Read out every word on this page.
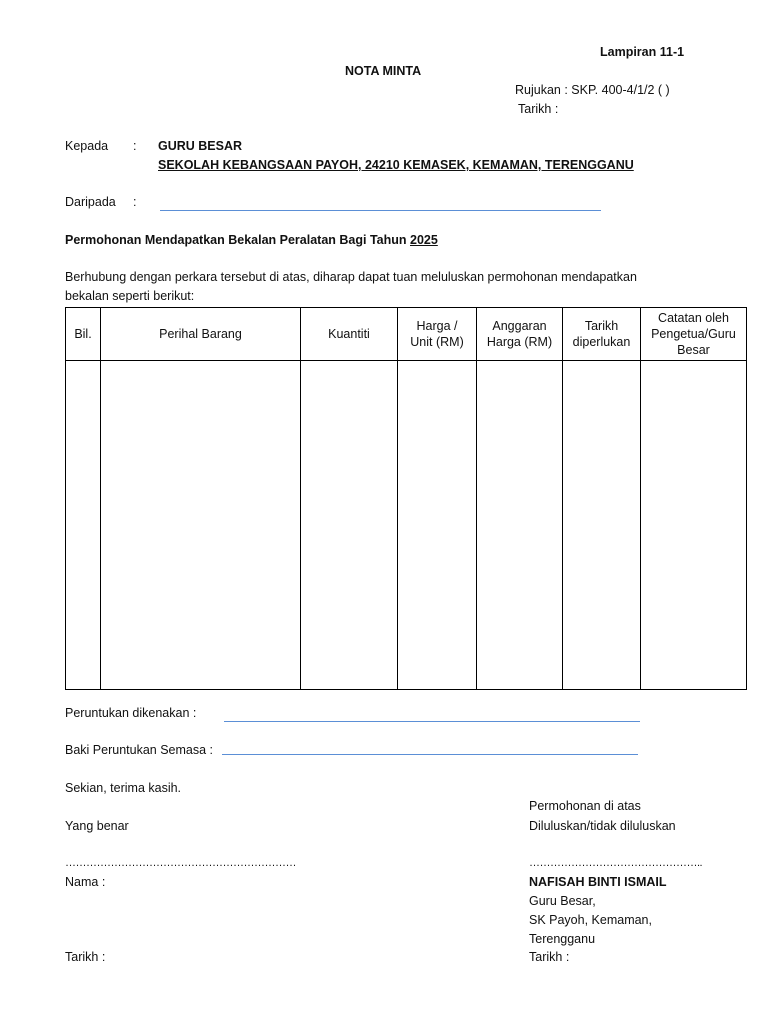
Lampiran 11-1
NOTA MINTA
Rujukan : SKP. 400-4/1/2 ( )
Tarikh :
Kepada : GURU BESAR
SEKOLAH KEBANGSAAN PAYOH, 24210 KEMASEK, KEMAMAN, TERENGGANU
Daripada :
Permohonan Mendapatkan Bekalan Peralatan Bagi Tahun 2025
Berhubung dengan perkara tersebut di atas, diharap dapat tuan meluluskan permohonan mendapatkan
bekalan seperti berikut:
Bil.	Perihal Barang	Kuantiti	Harga / Unit (RM)	Anggaran Harga (RM)	Tarikh diperlukan	Catatan oleh Pengetua/Guru Besar

Peruntukan dikenakan :
Baki Peruntukan Semasa :
Sekian, terima kasih.
Yang benar
…………………………………………………………
Nama :
Tarikh :
Permohonan di atas
Diluluskan/tidak diluluskan
…………………………………………..
NAFISAH BINTI ISMAIL
Guru Besar,
SK Payoh, Kemaman,
Terengganu
Tarikh :
